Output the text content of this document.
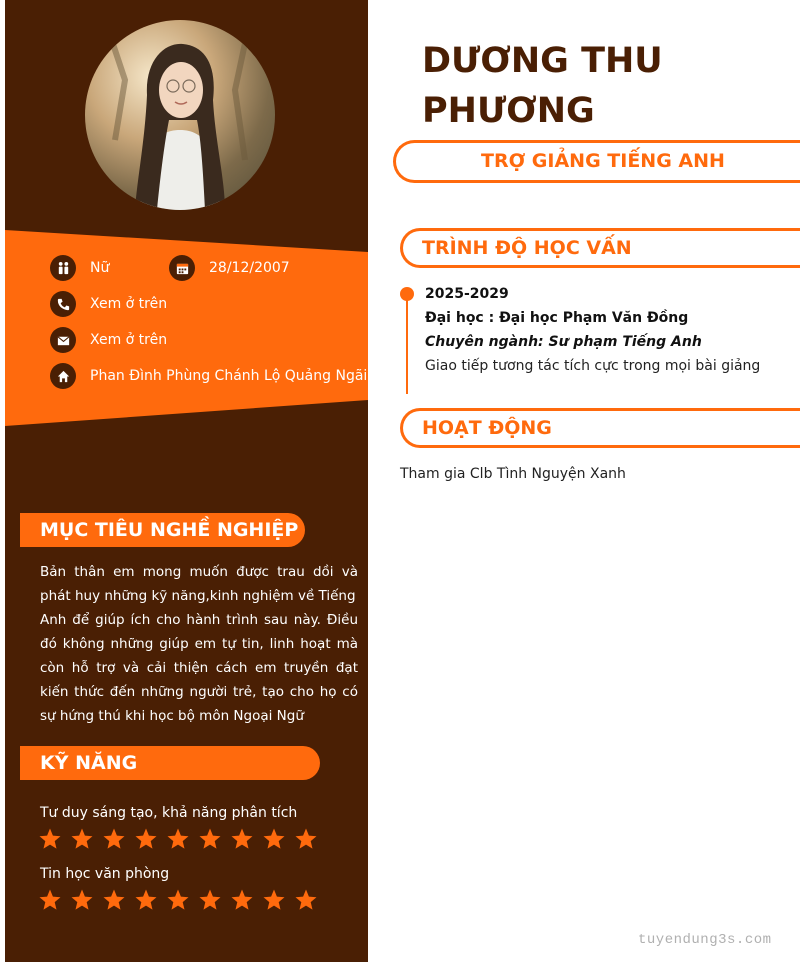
Nữ	28/12/2007
Xem ở trên
Xem ở trên
Phan Đình Phùng Chánh Lộ Quảng Ngãi
MỤC TIÊU NGHỀ NGHIỆP
Bản thân em mong muốn được trau dồi và phát huy những kỹ năng,kinh nghiệm về Tiếng
Anh để giúp ích cho hành trình sau này. Điều đó không những giúp em tự tin, linh hoạt mà còn hỗ trợ và cải thiện cách em truyền đạt kiến thức đến những người trẻ, tạo cho họ có sự hứng thú khi học bộ môn Ngoại Ngữ
KỸ NĂNG
Tư duy sáng tạo, khả năng phân tích
Tin học văn phòng
DƯƠNG THU
PHƯƠNG
TRỢ GIẢNG TIẾNG ANH
TRÌNH ĐỘ HỌC VẤN
2025-2029
Đại học : Đại học Phạm Văn Đồng
Chuyên ngành: Sư phạm Tiếng Anh
Giao tiếp tương tác tích cực trong mọi bài giảng
HOẠT ĐỘNG
Tham gia Clb Tình Nguyện Xanh
tuyendung3s.com
